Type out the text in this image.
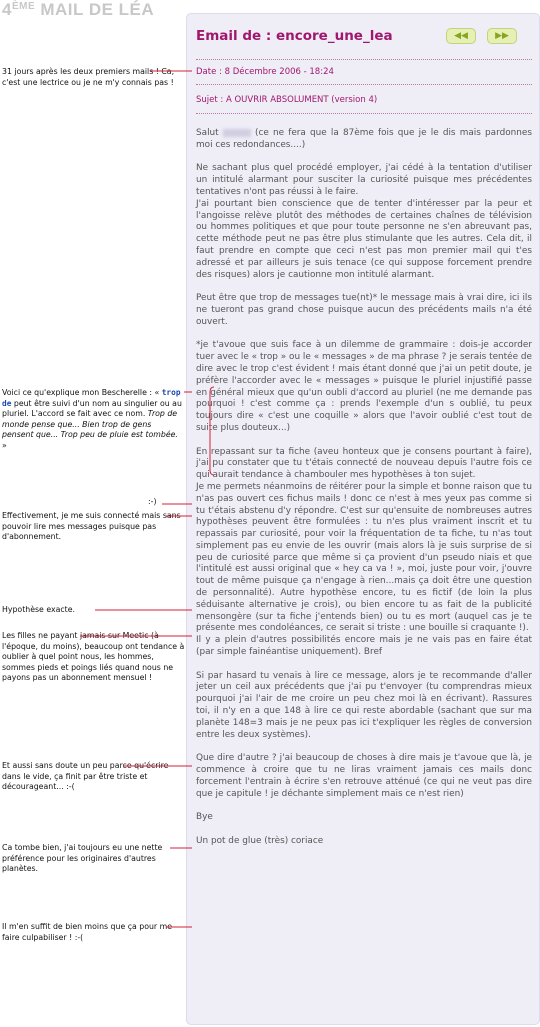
4ÈME MAIL DE LÉA
Email de : encore_une_lea	◀◀	▶▶
Date : 8 Décembre 2006 - 18:24
Sujet : A OUVRIR ABSOLUMENT (version 4)

Salut	(ce ne fera que la 87ème fois que je le dis mais pardonnes moi ces redondances....)

Ne sachant plus quel procédé employer, j'ai cédé à la tentation d'utiliser un intitulé alarmant pour susciter la curiosité puisque mes précédentes tentatives n'ont pas réussi à le faire.

J'ai pourtant bien conscience que de tenter d'intéresser par la peur et l'angoisse relève plutôt des méthodes de certaines chaînes de télévision ou hommes politiques et que pour toute personne ne s'en abreuvant pas, cette méthode peut ne pas être plus stimulante que les autres. Cela dit, il faut prendre en compte que ceci n'est pas mon premier mail qui t'es adressé et par ailleurs je suis tenace (ce qui suppose forcement prendre des risques) alors je cautionne mon intitulé alarmant.

Peut être que trop de messages tue(nt)* le message mais à vrai dire, ici ils ne tueront pas grand chose puisque aucun des précédents mails n'a été ouvert.

*je t'avoue que suis face à un dilemme de grammaire : dois-je accorder tuer avec le « trop » ou le « messages » de ma phrase ? je serais tentée de dire avec le trop c'est évident ! mais étant donné que j'ai un petit doute, je préfère l'accorder avec le « messages » puisque le pluriel injustifié passe en général mieux que qu'un oubli d'accord au pluriel (ne me demande pas pourquoi ! c'est comme ça : prends l'exemple d'un s oublié, tu peux toujours dire « c'est une coquille » alors que l'avoir oublié c'est tout de suite plus douteux...)

En repassant sur ta fiche (aveu honteux que je consens pourtant à faire), j'ai pu constater que tu t'étais connecté de nouveau depuis l'autre fois ce qui aurait tendance à chambouler mes hypothèses à ton sujet.

Je me permets néanmoins de réitérer pour la simple et bonne raison que tu n'as pas ouvert ces fichus mails ! donc ce n'est à mes yeux pas comme si tu t'étais abstenu d'y répondre. C'est sur qu'ensuite de nombreuses autres hypothèses peuvent être formulées : tu n'es plus vraiment inscrit et tu repassais par curiosité, pour voir la fréquentation de ta fiche, tu n'as tout simplement pas eu envie de les ouvrir (mais alors là je suis surprise de si peu de curiosité parce que même si ça provient d'un pseudo niais et que l'intitulé est aussi original que « hey ca va ! », moi, juste pour voir, j'ouvre tout de même puisque ça n'engage à rien...mais ça doit être une question de personnalité). Autre hypothèse encore, tu es fictif (de loin la plus séduisante alternative je crois), ou bien encore tu as fait de la publicité mensongère (sur ta fiche j'entends bien) ou tu es mort (auquel cas je te présente mes condoléances, ce serait si triste : une bouille si craquante !).

Il y a plein d'autres possibilités encore mais je ne vais pas en faire état (par simple fainéantise uniquement). Bref

Si par hasard tu venais à lire ce message, alors je te recommande d'aller jeter un ceil aux précédents que j'ai pu t'envoyer (tu comprendras mieux pourquoi j'ai l'air de me croire un peu chez moi là en écrivant). Rassures toi, il n'y en a que 148 à lire ce qui reste abordable (sachant que sur ma planète 148=3 mais je ne peux pas ici t'expliquer les règles de conversion entre les deux systèmes).

Que dire d'autre ? j'ai beaucoup de choses à dire mais je t'avoue que là, je commence à croire que tu ne liras vraiment jamais ces mails donc forcement l'entrain à écrire s'en retrouve atténué (ce qui ne veut pas dire que je capitule ! je déchante simplement mais ce n'est rien)

Bye

Un pot de glue (très) coriace

31 jours après les deux premiers mails ! Ca, c'est une lectrice ou je ne m'y connais pas !
Voici ce qu'explique mon Bescherelle : « trop de peut être suivi d'un nom au singulier ou au pluriel. L'accord se fait avec ce nom. Trop de monde pense que... Bien trop de gens pensent que... Trop peu de pluie est tombée. »
:-)
Effectivement, je me suis connecté mais sans pouvoir lire mes messages puisque pas d'abonnement.
Hypothèse exacte.
Les filles ne payant jamais sur Meetic (à l'époque, du moins), beaucoup ont tendance à oublier à quel point nous, les hommes, sommes pieds et poings liés quand nous ne payons pas un abonnement mensuel !
Et aussi sans doute un peu parce qu'écrire dans le vide, ça finit par être triste et décourageant... :-(
Ca tombe bien, j'ai toujours eu une nette préférence pour les originaires d'autres planètes.
Il m'en suffit de bien moins que ça pour me faire culpabiliser ! :-(
